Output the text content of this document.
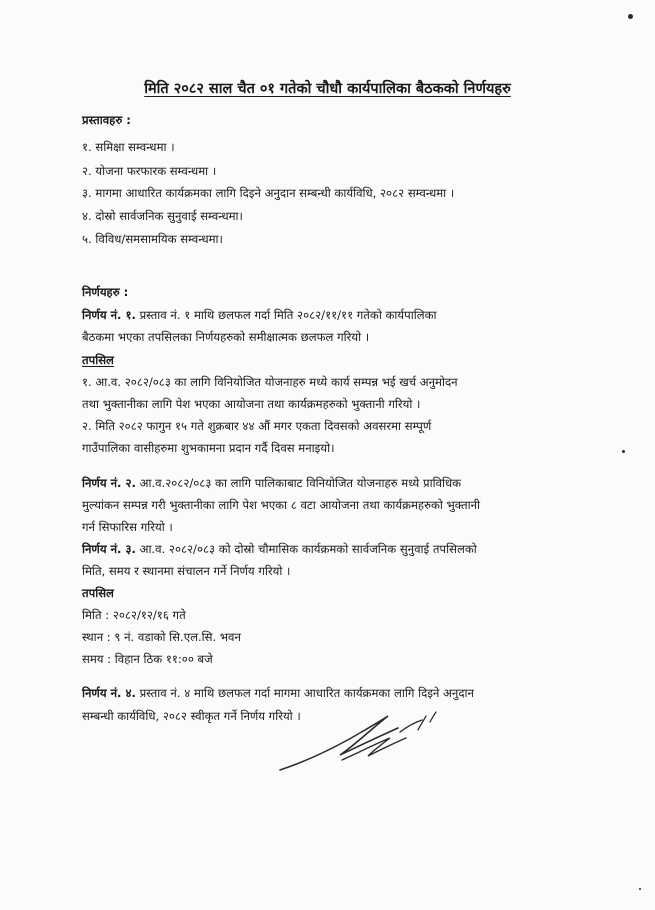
मिति २०८२ साल चैत ०१ गतेको चौधौ कार्यपालिका बैठकको निर्णयहरु
प्रस्तावहरु :
१. समिक्षा सम्वन्धमा ।
२. योजना फरफारक सम्वन्धमा ।
३. मागमा आधारित कार्यक्रमका लागि दिइने अनुदान सम्बन्धी कार्यविधि, २०८२ सम्वन्धमा ।
४. दोस्रो सार्वजनिक सुनुवाई सम्वन्धमा।
५. विविध/समसामयिक सम्वन्धमा।
निर्णयहरु :
निर्णय नं. १. प्रस्ताव नं. १ माथि छलफल गर्दा मिति २०८२/११/११ गतेको कार्यपालिका
बैठकमा भएका तपसिलका निर्णयहरुको समीक्षात्मक छलफल गरियो ।
तपसिल
१. आ.व. २०८२/०८३ का लागि विनियोजित योजनाहरु मध्ये कार्य सम्पन्न भई खर्च अनुमोदन
तथा भुक्तानीका लागि पेश भएका आयोजना तथा कार्यक्रमहरुको भुक्तानी गरियो ।
२. मिति २०८२ फागुन १५ गते शुक्रबार ४४ औं मगर एकता दिवसको अवसरमा सम्पूर्ण
गाउँपालिका वासीहरुमा शुभकामना प्रदान गर्दै दिवस मनाइयो।
निर्णय नं. २. आ.व.२०८२/०८३ का लागि पालिकाबाट विनियोजित योजनाहरु मध्ये प्राविधिक
मुल्यांकन सम्पन्न गरी भुक्तानीका लागि पेश भएका ८ वटा आयोजना तथा कार्यक्रमहरुको भुक्तानी
गर्न सिफारिस गरियो ।
निर्णय नं. ३. आ.व. २०८२/०८३ को दोस्रो चौमासिक कार्यक्रमको सार्वजनिक सुनुवाई तपसिलको
मिति, समय र स्थानमा संचालन गर्ने निर्णय गरियो ।
तपसिल
मिति : २०८२/१२/१६ गते
स्थान : ९ नं. वडाको सि.एल.सि. भवन
समय : विहान ठिक ११:०० बजे
निर्णय नं. ४. प्रस्ताव नं. ४ माथि छलफल गर्दा मागमा आधारित कार्यक्रमका लागि दिइने अनुदान
सम्बन्धी कार्यविधि, २०८२ स्वीकृत गर्ने निर्णय गरियो ।
